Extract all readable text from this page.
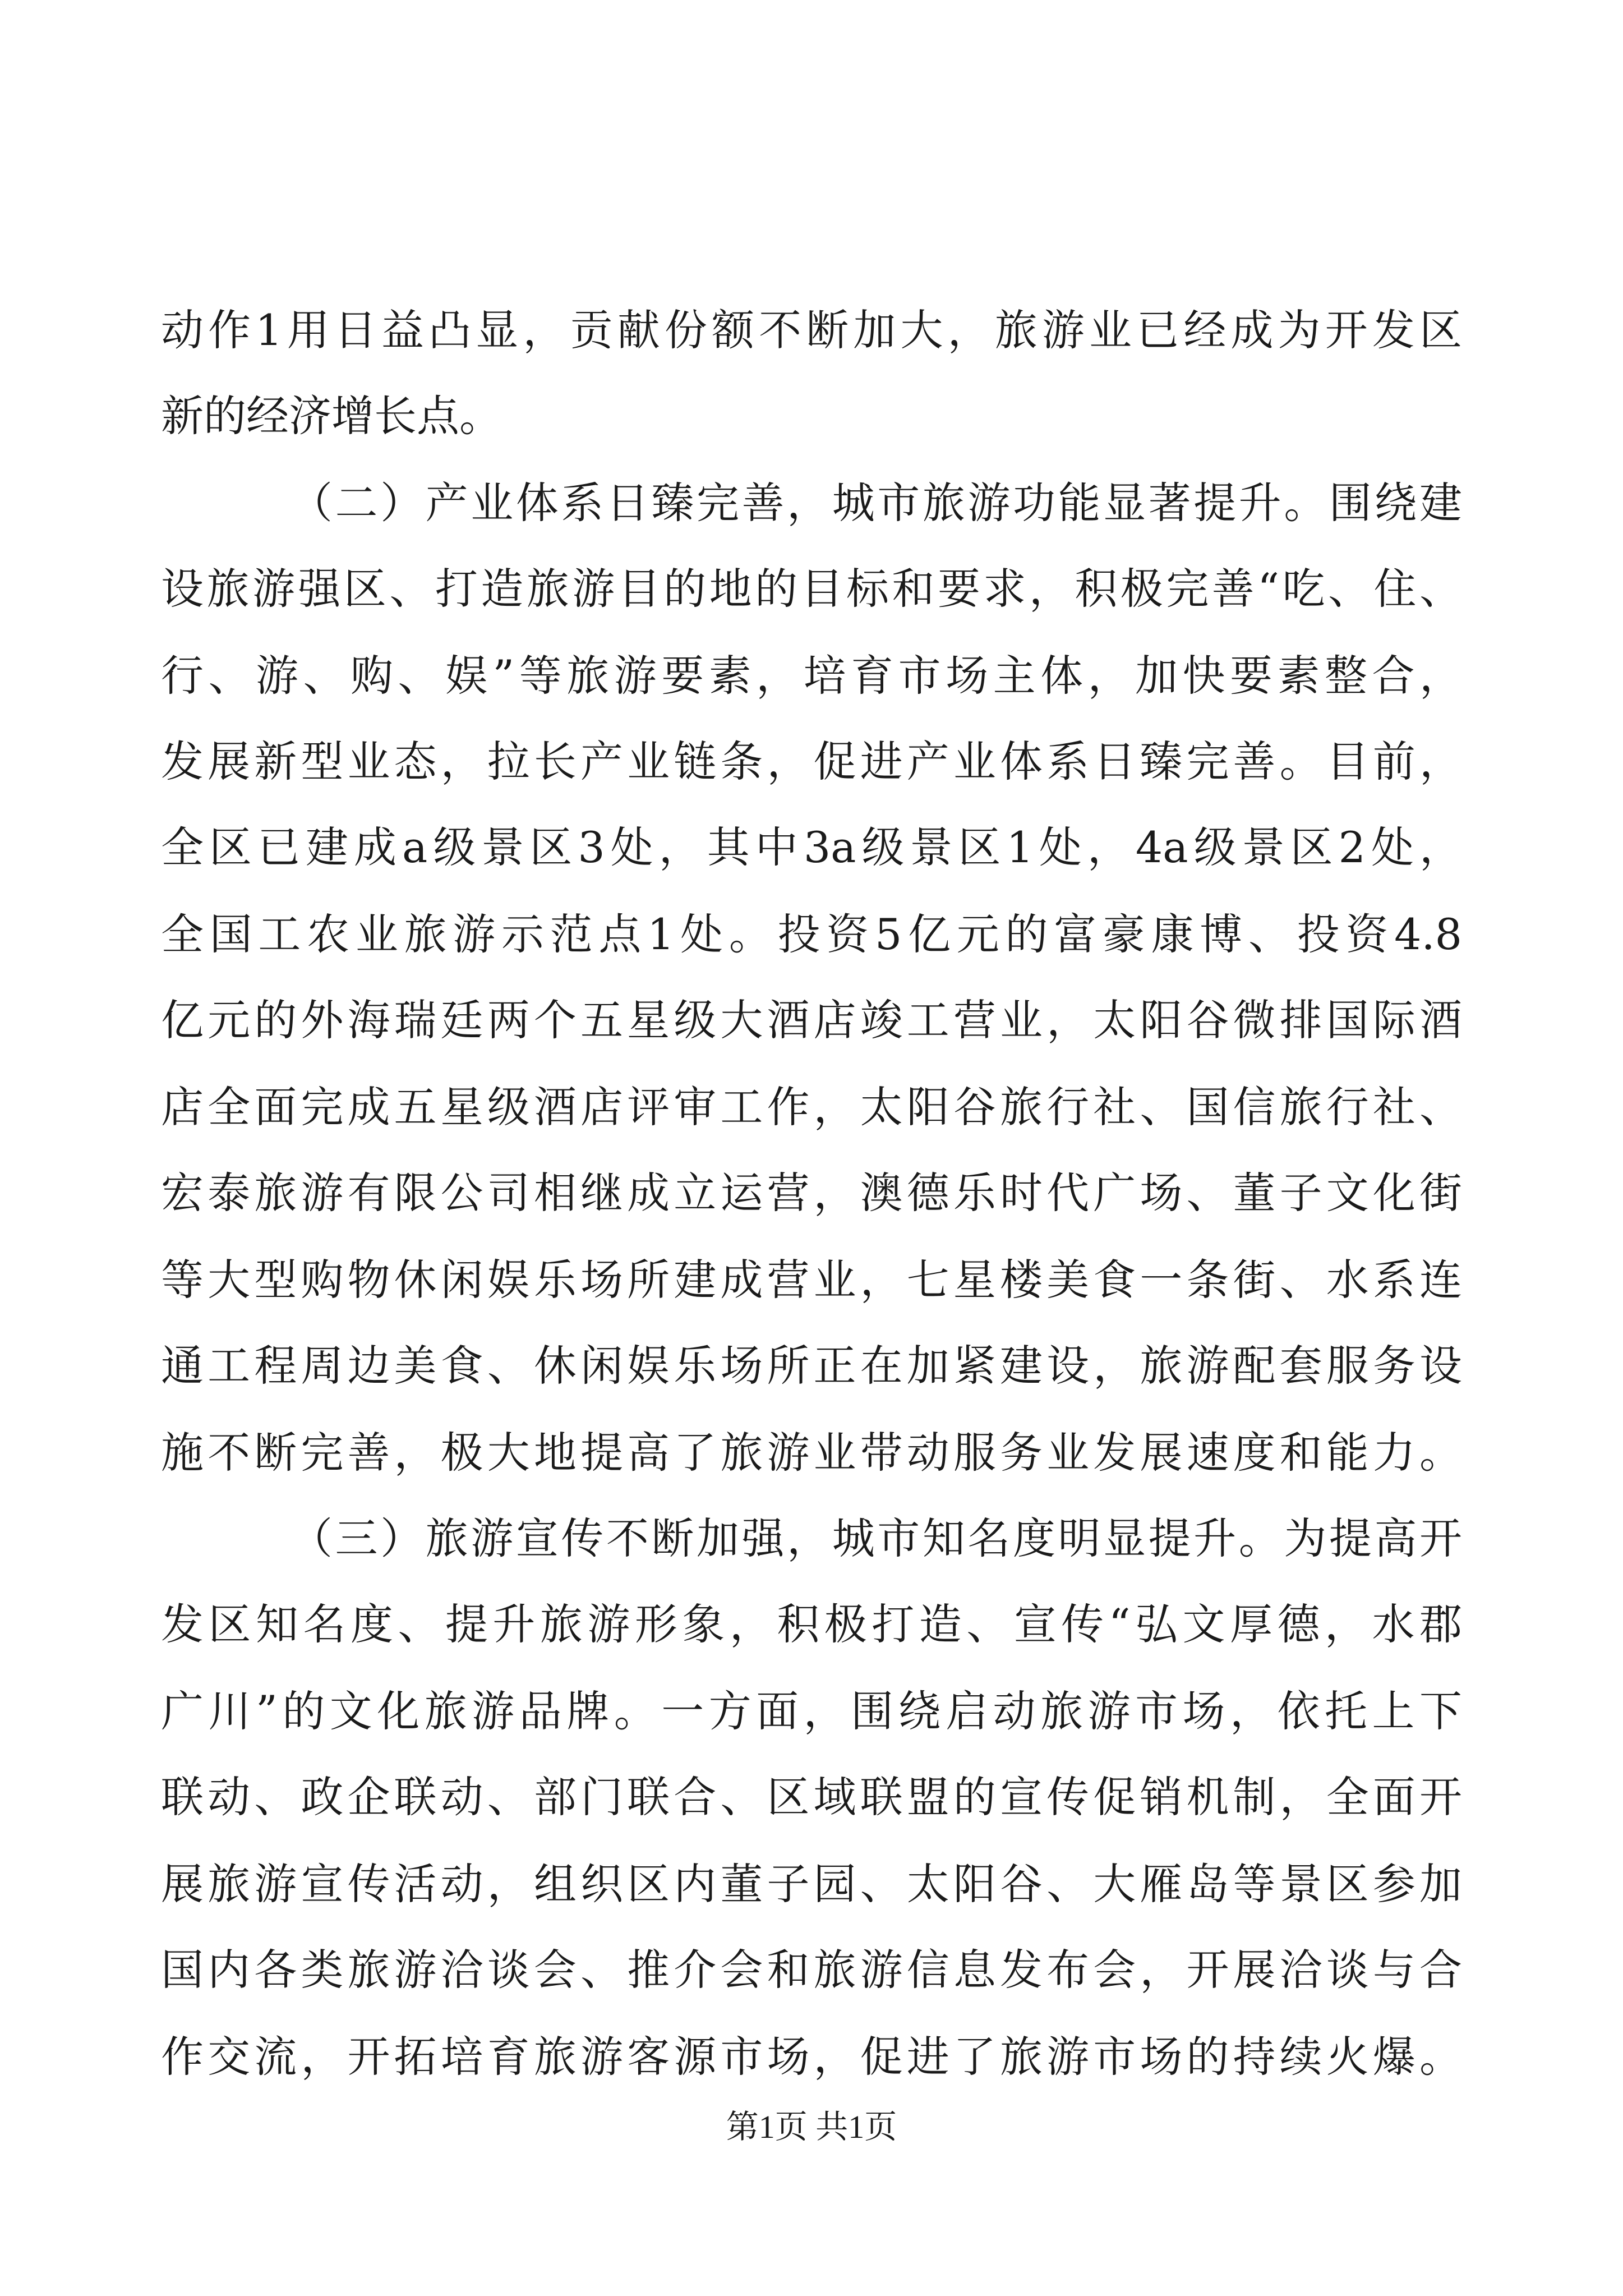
动作1用日益凸显，贡献份额不断加大，旅游业已经成为开发区
新的经济增长点。
（二）产业体系日臻完善，城市旅游功能显著提升。围绕建
设旅游强区、打造旅游目的地的目标和要求，积极完善“吃、住、
行、游、购、娱”等旅游要素，培育市场主体，加快要素整合，
发展新型业态，拉长产业链条，促进产业体系日臻完善。目前，
全区已建成a级景区3处，其中3a级景区1处，4a级景区2处，
全国工农业旅游示范点1处。投资5亿元的富豪康博、投资4.8
亿元的外海瑞廷两个五星级大酒店竣工营业，太阳谷微排国际酒
店全面完成五星级酒店评审工作，太阳谷旅行社、国信旅行社、
宏泰旅游有限公司相继成立运营，澳德乐时代广场、董子文化街
等大型购物休闲娱乐场所建成营业，七星楼美食一条街、水系连
通工程周边美食、休闲娱乐场所正在加紧建设，旅游配套服务设
施不断完善，极大地提高了旅游业带动服务业发展速度和能力。
（三）旅游宣传不断加强，城市知名度明显提升。为提高开
发区知名度、提升旅游形象，积极打造、宣传“弘文厚德，水郡
广川”的文化旅游品牌。一方面，围绕启动旅游市场，依托上下
联动、政企联动、部门联合、区域联盟的宣传促销机制，全面开
展旅游宣传活动，组织区内董子园、太阳谷、大雁岛等景区参加
国内各类旅游洽谈会、推介会和旅游信息发布会，开展洽谈与合
作交流，开拓培育旅游客源市场，促进了旅游市场的持续火爆。
第1页 共1页
